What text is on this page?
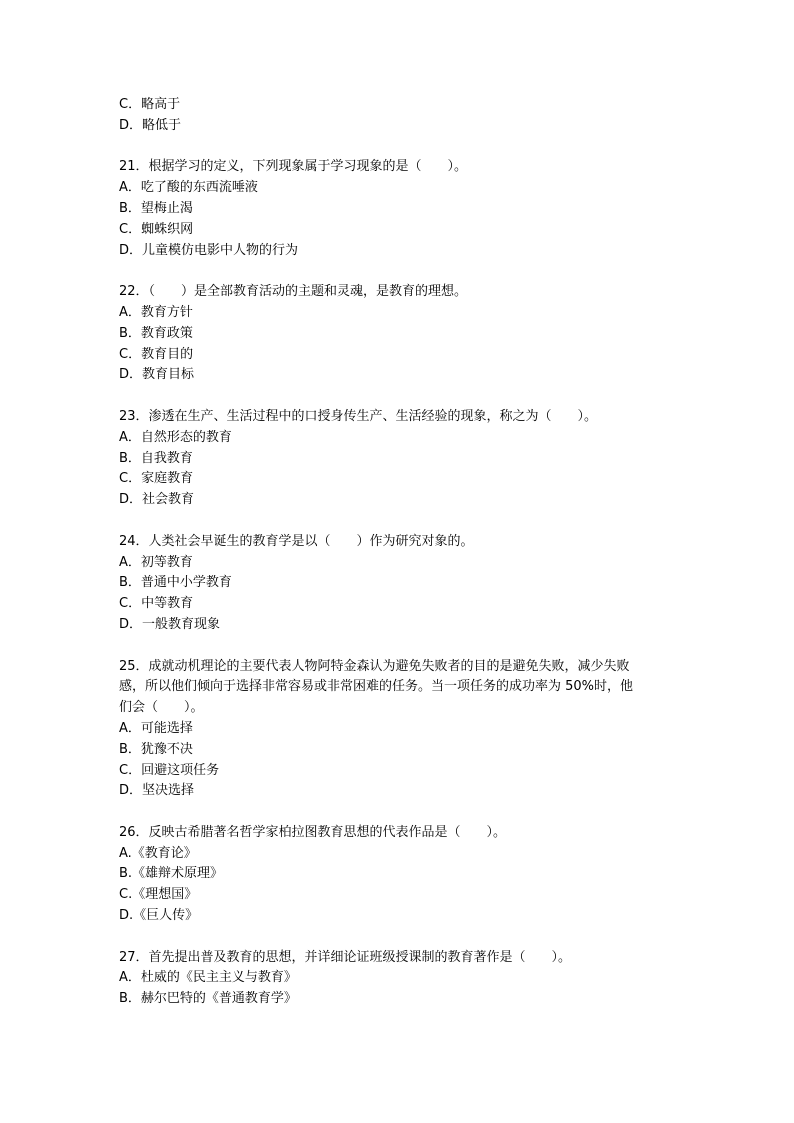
C．略高于
D．略低于
21．根据学习的定义，下列现象属于学习现象的是（　　）。
A．吃了酸的东西流唾液
B．望梅止渴
C．蜘蛛织网
D．儿童模仿电影中人物的行为
22．（　　）是全部教育活动的主题和灵魂，是教育的理想。
A．教育方针
B．教育政策
C．教育目的
D．教育目标
23．渗透在生产、生活过程中的口授身传生产、生活经验的现象，称之为（　　）。
A．自然形态的教育
B．自我教育
C．家庭教育
D．社会教育
24．人类社会早诞生的教育学是以（　　）作为研究对象的。
A．初等教育
B．普通中小学教育
C．中等教育
D．一般教育现象
25．成就动机理论的主要代表人物阿特金森认为避免失败者的目的是避免失败，减少失败
感，所以他们倾向于选择非常容易或非常困难的任务。当一项任务的成功率为 50%时，他
们会（　　）。
A．可能选择
B．犹豫不决
C．回避这项任务
D．坚决选择
26．反映古希腊著名哲学家柏拉图教育思想的代表作品是（　　）。
A.《教育论》
B.《雄辩术原理》
C.《理想国》
D.《巨人传》
27．首先提出普及教育的思想，并详细论证班级授课制的教育著作是（　　）。
A．杜威的《民主主义与教育》
B．赫尔巴特的《普通教育学》
